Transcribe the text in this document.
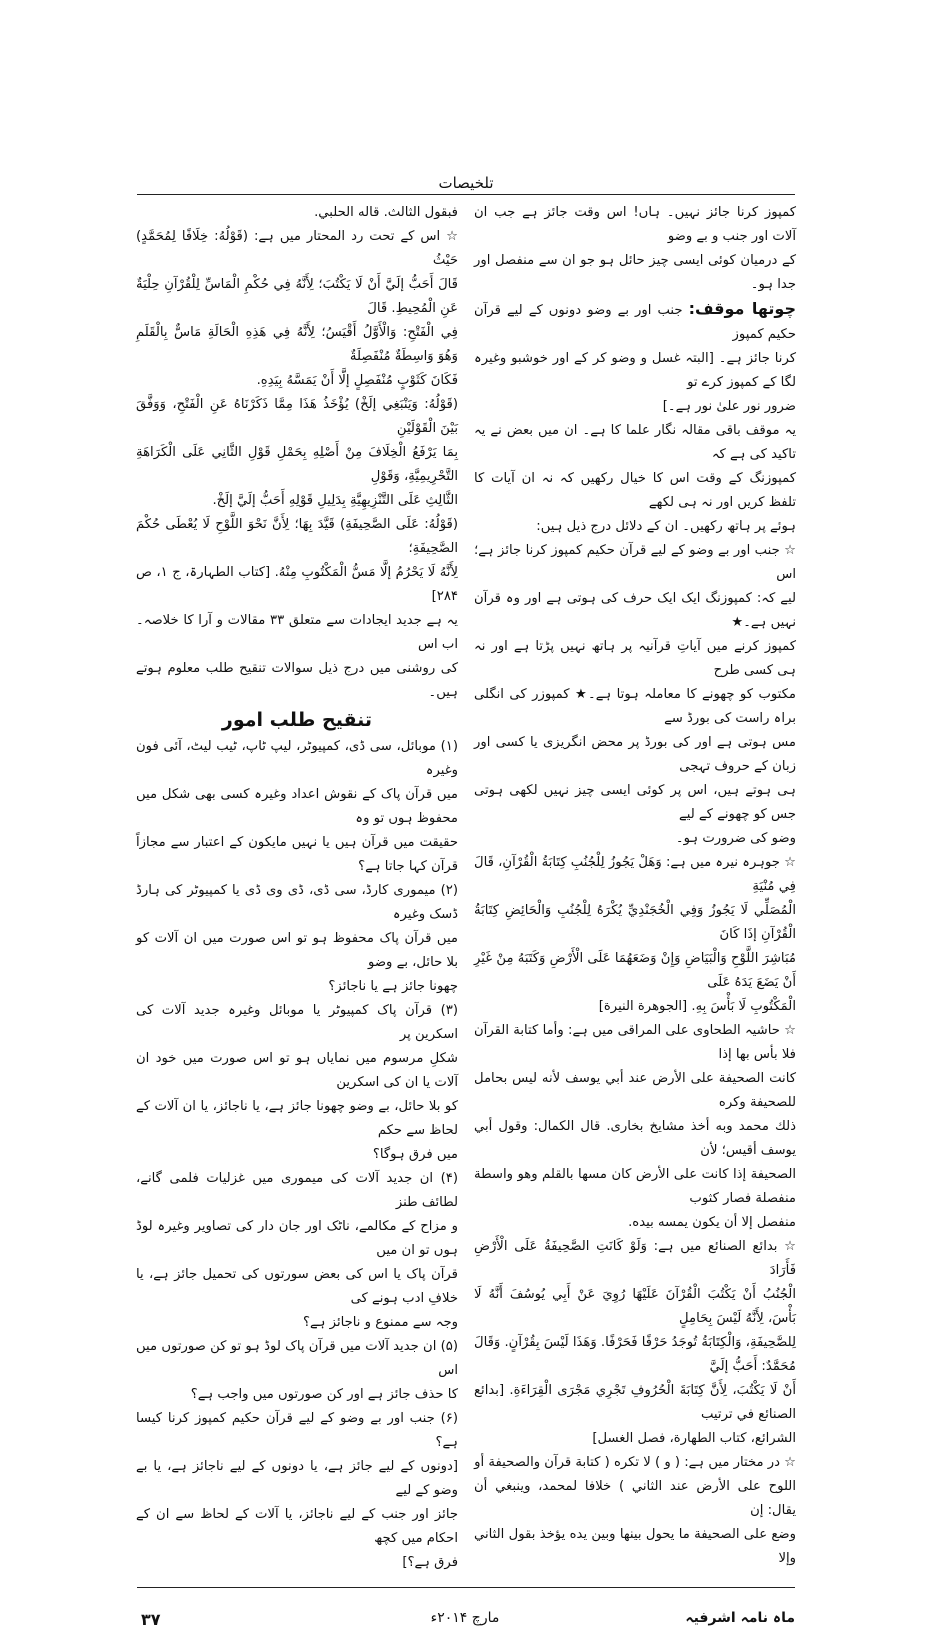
تلخیصات
کمپوز کرنا جائز نہیں۔ ہاں! اس وقت جائز ہے جب ان آلات اور جنب و بے وضو
کے درمیان کوئی ایسی چیز حائل ہو جو ان سے منفصل اور جدا ہو۔
چوتھا موقف: جنب اور بے وضو دونوں کے لیے قرآن حکیم کمپوز
کرنا جائز ہے۔ [البتہ غسل و وضو کر کے اور خوشبو وغیرہ لگا کے کمپوز کرے تو
ضرور نور علیٰ نور ہے۔]
یہ موقف باقی مقالہ نگار علما کا ہے۔ ان میں بعض نے یہ تاکید کی ہے کہ
کمپوزنگ کے وقت اس کا خیال رکھیں کہ نہ ان آیات کا تلفظ کریں اور نہ ہی لکھے
ہوئے پر ہاتھ رکھیں۔ ان کے دلائل درج ذیل ہیں:
☆ جنب اور بے وضو کے لیے قرآن حکیم کمپوز کرنا جائز ہے؛ اس
لیے کہ: کمپوزنگ ایک ایک حرف کی ہوتی ہے اور وہ قرآن نہیں ہے۔★
کمپوز کرنے میں آیاتِ قرآنیہ پر ہاتھ نہیں پڑتا ہے اور نہ ہی کسی طرح
مکتوب کو چھونے کا معاملہ ہوتا ہے۔★ کمپوزر کی انگلی براہ راست کی بورڈ سے
مس ہوتی ہے اور کی بورڈ پر محض انگریزی یا کسی اور زبان کے حروف تہجی
ہی ہوتے ہیں، اس پر کوئی ایسی چیز نہیں لکھی ہوتی جس کو چھونے کے لیے
وضو کی ضرورت ہو۔
☆ جوہرہ نیرہ میں ہے: وَهَلْ يَجُوزُ لِلْجُنُبِ كِتَابَةُ الْقُرْآنِ، قَالَ فِي مُنْيَةِ
الْمُصَلِّي لَا يَجُوزُ وَفِي الْخُجَنْدِيِّ يُكْرَهُ لِلْجُنُبِ وَالْحَائِضِ كِتَابَةُ الْقُرْآنِ إذَا كَانَ
مُبَاشِرَ اللَّوْحِ وَالْبَيَاضِ وَإِنْ وَضَعَهُمَا عَلَى الْأَرْضِ وَكَتَبَهُ مِنْ غَيْرِ أَنْ يَضَعَ يَدَهُ عَلَى
الْمَكْتُوبِ لَا بَأْسَ بِهِ. [الجوهرة النيرة]
☆ حاشیہ الطحاوی علی المراقی میں ہے: وأما كتابة القرآن فلا بأس بها إذا
كانت الصحيفة على الأرض عند أبي يوسف لأنه ليس بحامل للصحيفة وكره
ذلك محمد وبه أخذ مشايخ بخارى. قال الكمال: وقول أبي يوسف أقيس؛ لأن
الصحيفة إذا كانت على الأرض كان مسها بالقلم وهو واسطة منفصلة فصار كثوب
منفصل إلا أن يكون يمسه بيده.
☆ بدائع الصنائع میں ہے: وَلَوْ كَانَتِ الصَّحِيفَةُ عَلَى الْأَرْضِ فَأَرَادَ
الْجُنُبُ أَنْ يَكْتُبَ الْقُرْآنَ عَلَيْهَا رُوِيَ عَنْ أَبِي يُوسُفَ أَنَّهُ لَا بَأْسَ، لِأَنَّهُ لَيْسَ بِحَامِلٍ
لِلصَّحِيفَةِ، وَالْكِتَابَةُ تُوجَدُ حَرْفًا فَحَرْفًا. وَهَذَا لَيْسَ بِقُرْآنٍ. وَقَالَ مُحَمَّدٌ: أَحَبُّ إلَيَّ
أَنْ لَا يَكْتُبَ، لِأَنَّ كِتَابَةَ الْحُرُوفِ تَجْرِي مَجْرَى الْقِرَاءَةِ. [بدائع الصنائع في ترتيب
الشرائع، كتاب الطهارة، فصل الغسل]
☆ در مختار میں ہے: ( و ) لا تكره ( كتابة قرآن والصحيفة أو
اللوح على الأرض عند الثاني ) خلافا لمحمد، وينبغي أن يقال: إن
وضع على الصحيفة ما يحول بينها وبين يده يؤخذ بقول الثاني وإلا
فبقول الثالث. قاله الحلبي.
☆ اس کے تحت رد المحتار میں ہے: (قَوْلُهُ: خِلَافًا لِمُحَمَّدٍ) حَيْثُ
قَالَ أَحَبُّ إلَيَّ أَنْ لَا يَكْتُبَ؛ لِأَنَّهُ فِي حُكْمِ الْمَاسِّ لِلْقُرْآنِ حِلْيَةٌ عَنِ الْمُحِيطِ. قَالَ
فِي الْفَتْحِ: وَالْأَوَّلُ أَقْيَسُ؛ لِأَنَّهُ فِي هَذِهِ الْحَالَةِ مَاسٌّ بِالْقَلَمِ وَهُوَ وَاسِطَةٌ مُنْفَصِلَةٌ
فَكَانَ كَثَوْبٍ مُنْفَصِلٍ إلَّا أَنْ يَمَسَّهُ بِيَدِهِ.
(قَوْلُهُ: وَيَنْبَغِي إلَخْ) يُؤْخَذُ هَذَا مِمَّا ذَكَرْنَاهُ عَنِ الْفَتْحِ، وَوَفَّقَ بَيْنَ الْقَوْلَيْنِ
بِمَا يَرْفَعُ الْخِلَافَ مِنْ أَصْلِهِ بِحَمْلِ قَوْلِ الثَّانِي عَلَى الْكَرَاهَةِ التَّحْرِيمِيَّةِ، وَقَوْلِ
الثَّالِثِ عَلَى التَّنْزِيهِيَّةِ بِدَلِيلِ قَوْلِهِ أَحَبُّ إلَيَّ إلَخْ.
(قَوْلُهُ: عَلَى الصَّحِيفَةِ) قَيَّدَ بِهَا؛ لِأَنَّ نَحْوَ اللَّوْحِ لَا يُعْطَى حُكْمَ الصَّحِيفَةِ؛
لِأَنَّهُ لَا يَحْرُمُ إلَّا مَسُّ الْمَكْتُوبِ مِنْهُ. [کتاب الطہارۃ، ج ۱، ص ۲۸۴]
یہ ہے جدید ایجادات سے متعلق ۳۳ مقالات و آرا کا خلاصہ۔ اب اس
کی روشنی میں درج ذیل سوالات تنقیح طلب معلوم ہوتے ہیں۔
تنقیح طلب امور
(۱) موبائل، سی ڈی، کمپیوٹر، لیپ ٹاپ، ٹیب لیٹ، آئی فون وغیرہ
میں قرآن پاک کے نقوش اعداد وغیرہ کسی بھی شکل میں محفوظ ہوں تو وہ
حقیقت میں قرآن ہیں یا نہیں مایکون کے اعتبار سے مجازاً قرآن کہا جاتا ہے؟
(۲) میموری کارڈ، سی ڈی، ڈی وی ڈی یا کمپیوٹر کی ہارڈ ڈسک وغیرہ
میں قرآن پاک محفوظ ہو تو اس صورت میں ان آلات کو بلا حائل، بے وضو
چھونا جائز ہے یا ناجائز؟
(۳) قرآن پاک کمپیوٹر یا موبائل وغیرہ جدید آلات کی اسکرین پر
شکلِ مرسوم میں نمایاں ہو تو اس صورت میں خود ان آلات یا ان کی اسکرین
کو بلا حائل، بے وضو چھونا جائز ہے، یا ناجائز، یا ان آلات کے لحاظ سے حکم
میں فرق ہوگا؟
(۴) ان جدید آلات کی میموری میں غزلیات فلمی گانے، لطائف طنز
و مزاح کے مکالمے، ناٹک اور جان دار کی تصاویر وغیرہ لوڈ ہوں تو ان میں
قرآن پاک یا اس کی بعض سورتوں کی تحمیل جائز ہے، یا خلافِ ادب ہونے کی
وجہ سے ممنوع و ناجائز ہے؟
(۵) ان جدید آلات میں قرآن پاک لوڈ ہو تو کن صورتوں میں اس
کا حذف جائز ہے اور کن صورتوں میں واجب ہے؟
(۶) جنب اور بے وضو کے لیے قرآن حکیم کمپوز کرنا کیسا ہے؟
[دونوں کے لیے جائز ہے، یا دونوں کے لیے ناجائز ہے، یا بے وضو کے لیے
جائز اور جنب کے لیے ناجائز، یا آلات کے لحاظ سے ان کے احکام میں کچھ
فرق ہے؟]
ماہ نامہ اشرفیہ
مارچ ۲۰۱۴ء
۳۷
